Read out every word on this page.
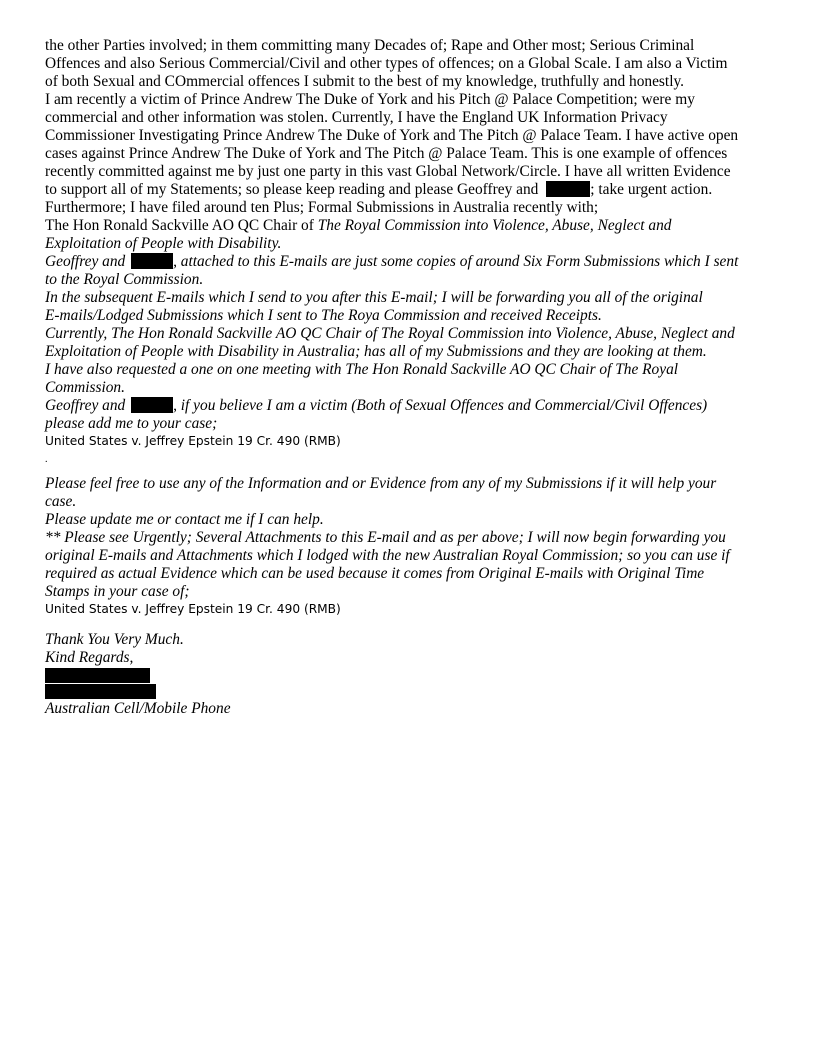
the other Parties involved; in them committing many Decades of; Rape and Other most; Serious Criminal
Offences and also Serious Commercial/Civil and other types of offences; on a Global Scale. I am also a Victim
of both Sexual and COmmercial offences I submit to the best of my knowledge, truthfully and honestly.
I am recently a victim of Prince Andrew The Duke of York and his Pitch @ Palace Competition; were my
commercial and other information was stolen. Currently, I have the England UK Information Privacy
Commissioner Investigating Prince Andrew The Duke of York and The Pitch @ Palace Team. I have active open
cases against Prince Andrew The Duke of York and The Pitch @ Palace Team. This is one example of offences
recently committed against me by just one party in this vast Global Network/Circle. I have all written Evidence
to support all of my Statements; so please keep reading and please Geoffrey and	; take urgent action.
Furthermore; I have filed around ten Plus; Formal Submissions in Australia recently with;
The Hon Ronald Sackville AO QC Chair of The Royal Commission into Violence, Abuse, Neglect and
Exploitation of People with Disability.
Geoffrey and	, attached to this E-mails are just some copies of around Six Form Submissions which I sent
to the Royal Commission.
In the subsequent E-mails which I send to you after this E-mail; I will be forwarding you all of the original
E-mails/Lodged Submissions which I sent to The Roya Commission and received Receipts.
Currently, The Hon Ronald Sackville AO QC Chair of The Royal Commission into Violence, Abuse, Neglect and
Exploitation of People with Disability in Australia; has all of my Submissions and they are looking at them.
I have also requested a one on one meeting with The Hon Ronald Sackville AO QC Chair of The Royal
Commission.
Geoffrey and	, if you believe I am a victim (Both of Sexual Offences and Commercial/Civil Offences)
please add me to your case;
United States v. Jeffrey Epstein 19 Cr. 490 (RMB)
.
Please feel free to use any of the Information and or Evidence from any of my Submissions if it will help your
case.
Please update me or contact me if I can help.
** Please see Urgently; Several Attachments to this E-mail and as per above; I will now begin forwarding you
original E-mails and Attachments which I lodged with the new Australian Royal Commission; so you can use if
required as actual Evidence which can be used because it comes from Original E-mails with Original Time
Stamps in your case of;
United States v. Jeffrey Epstein 19 Cr. 490 (RMB)
Thank You Very Much.
Kind Regards,
Australian Cell/Mobile Phone
